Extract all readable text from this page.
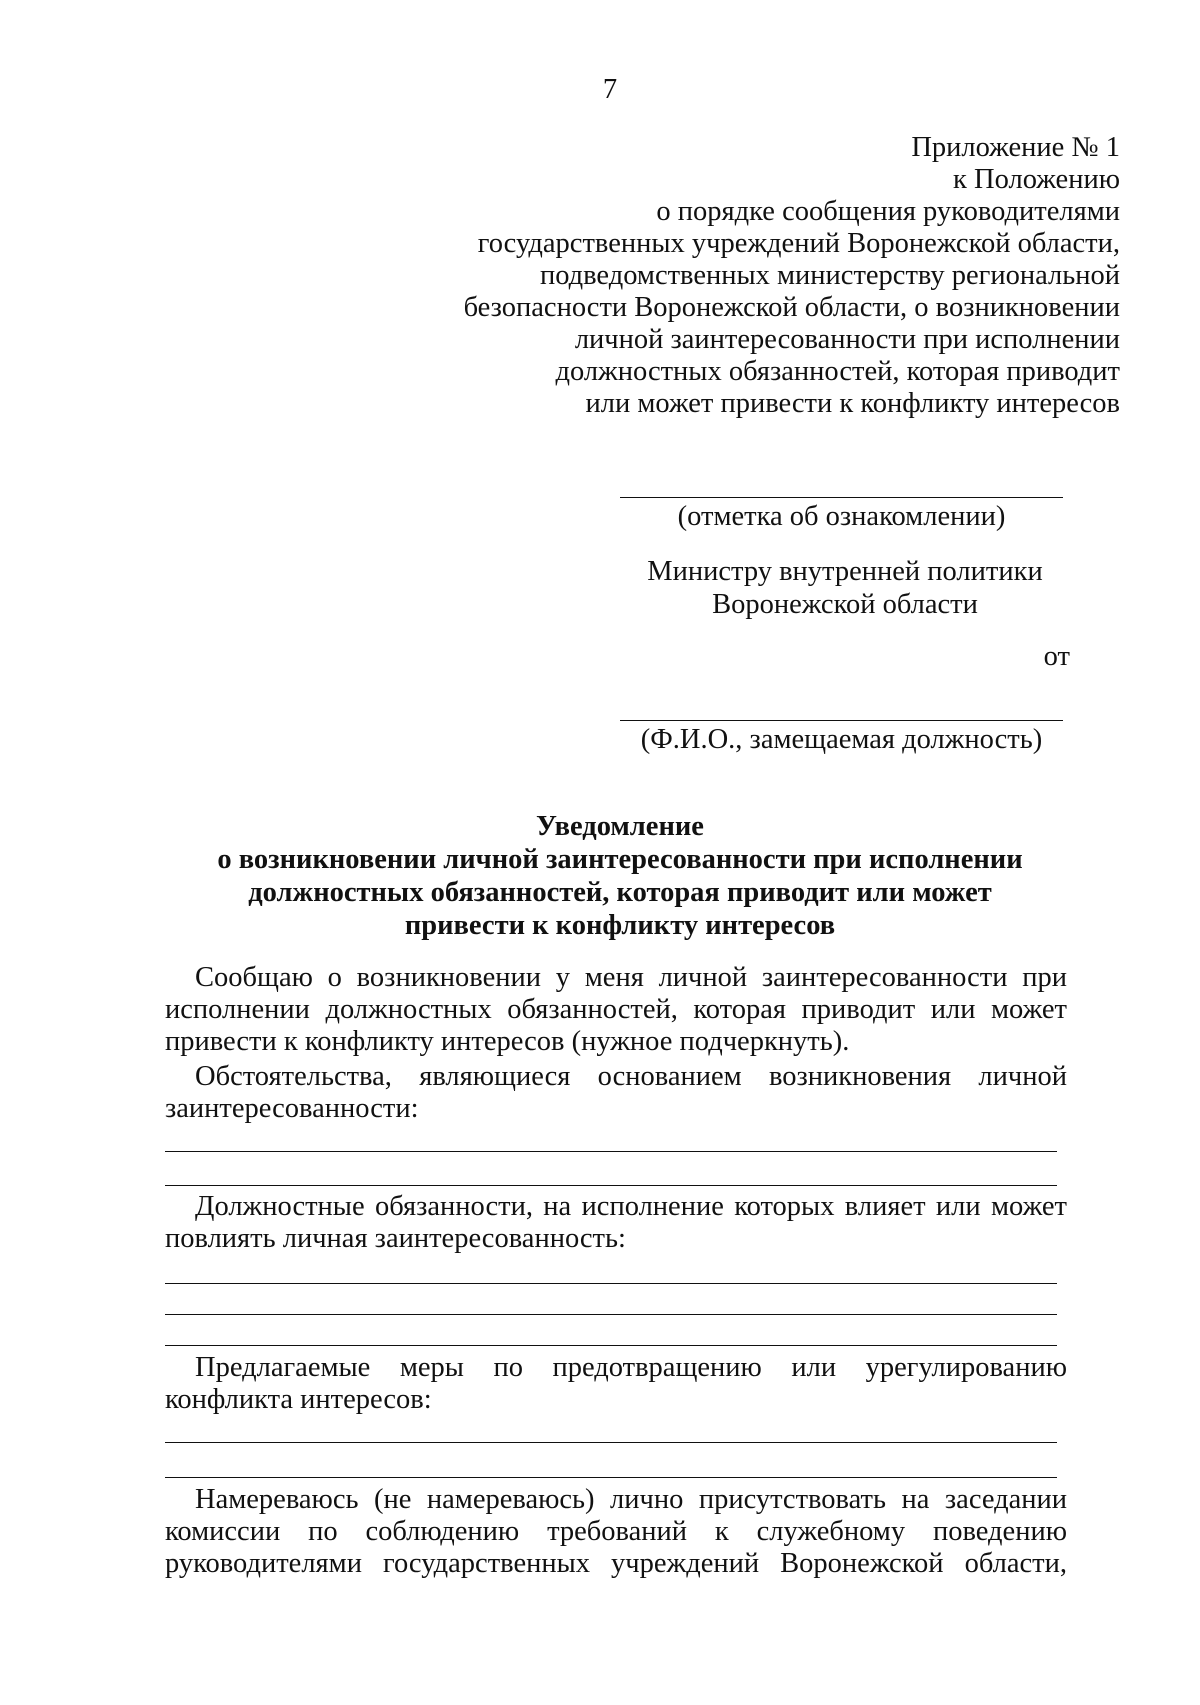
7
Приложение № 1
к Положению
о порядке сообщения руководителями
государственных учреждений Воронежской области,
подведомственных министерству региональной
безопасности Воронежской области, о возникновении
личной заинтересованности при исполнении
должностных обязанностей, которая приводит
или может привести к конфликту интересов
(отметка об ознакомлении)
Министру внутренней политики
Воронежской области
от
(Ф.И.О., замещаемая должность)
Уведомление
о возникновении личной заинтересованности при исполнении
должностных обязанностей, которая приводит или может
привести к конфликту интересов
Сообщаю о возникновении у меня личной заинтересованности при
исполнении должностных обязанностей, которая приводит или может
привести к конфликту интересов (нужное подчеркнуть).
Обстоятельства, являющиеся основанием возникновения личной
заинтересованности:
Должностные обязанности, на исполнение которых влияет или может
повлиять личная заинтересованность:
Предлагаемые меры по предотвращению или урегулированию
конфликта интересов:
Намереваюсь (не намереваюсь) лично присутствовать на заседании
комиссии по соблюдению требований к служебному поведению
руководителями государственных учреждений Воронежской области,
